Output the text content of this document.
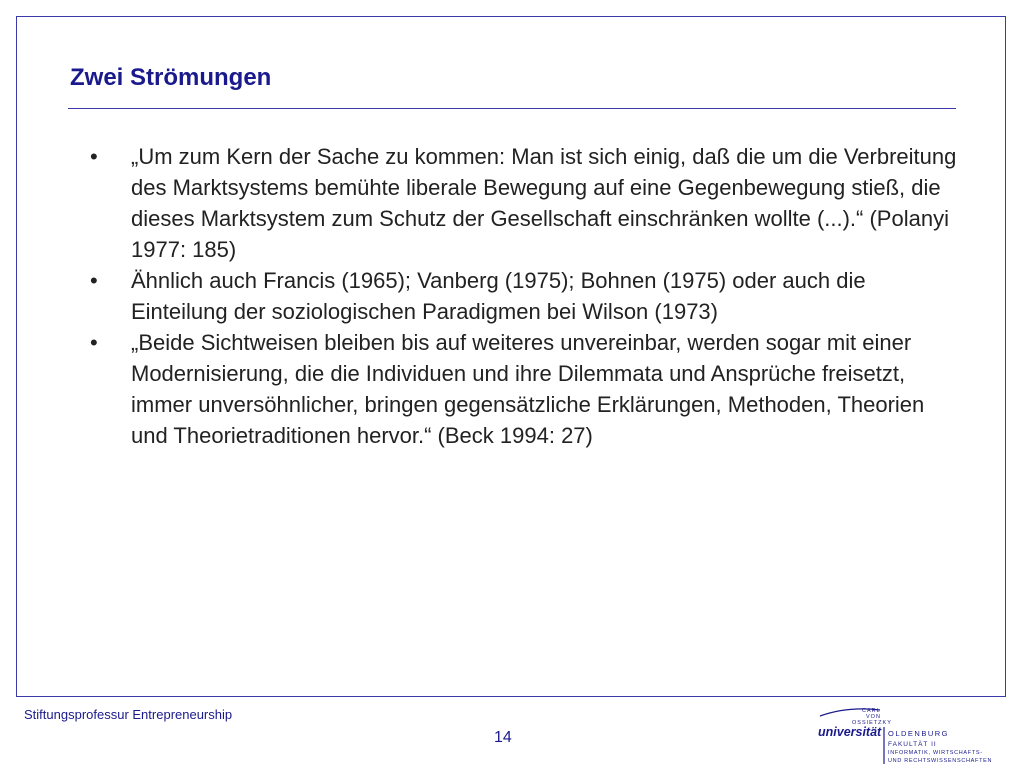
Zwei Strömungen
• „Um zum Kern der Sache zu kommen: Man ist sich einig, daß die um die Verbreitung des Marktsystems bemühte liberale Bewegung auf eine Gegenbewegung stieß, die dieses Marktsystem zum Schutz der Gesellschaft einschränken wollte (...).“ (Polanyi 1977: 185)
• Ähnlich auch Francis (1965); Vanberg (1975); Bohnen (1975) oder auch die Einteilung der soziologischen Paradigmen bei Wilson (1973)
• „Beide Sichtweisen bleiben bis auf weiteres unvereinbar, werden sogar mit einer Modernisierung, die die Individuen und ihre Dilemmata und Ansprüche freisetzt, immer unversöhnlicher, bringen gegensätzliche Erklärungen, Methoden, Theorien und Theorietraditionen hervor.“ (Beck 1994: 27)
Stiftungsprofessur Entrepreneurship
14
CARL
VON
OSSIETZKY
universität OLDENBURG
FAKULTÄT II
INFORMATIK, WIRTSCHAFTS-
UND RECHTSWISSENSCHAFTEN
